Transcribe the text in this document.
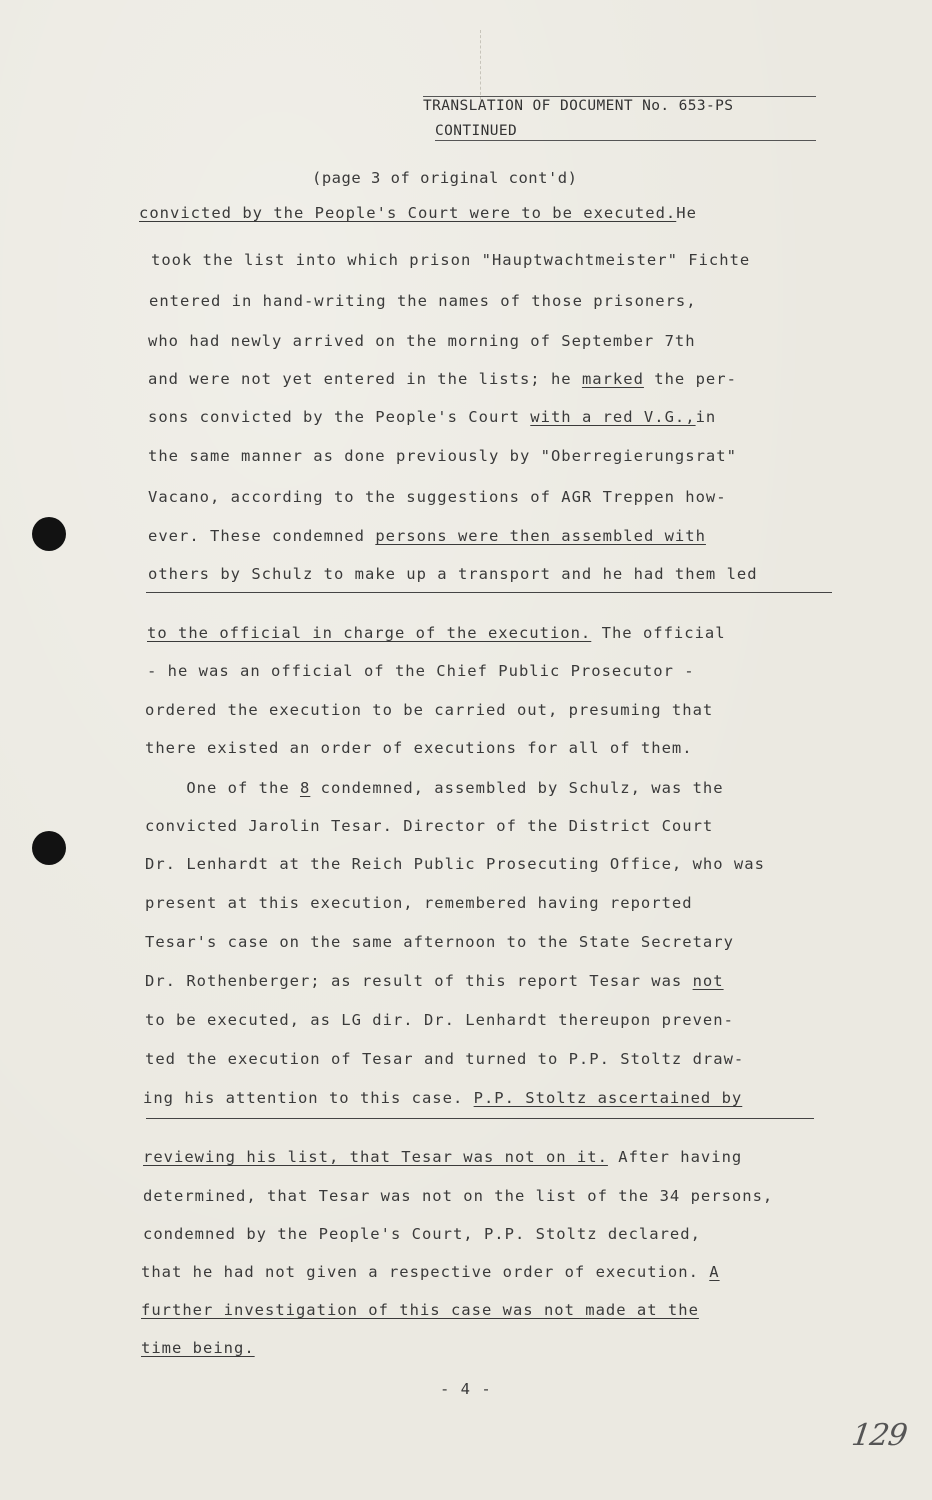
TRANSLATION OF DOCUMENT No. 653-PS
CONTINUED
(page 3 of original cont'd)
convicted by the People's Court were to be executed.He
took the list into which prison "Hauptwachtmeister" Fichte
entered in hand-writing the names of those prisoners,
who had newly arrived on the morning of September 7th
and were not yet entered in the lists; he marked the per-
sons convicted by the People's Court with a red V.G.,in
the same manner as done previously by "Oberregierungsrat"
Vacano, according to the suggestions of AGR Treppen how-
ever. These condemned persons were then assembled with
others by Schulz to make up a transport and he had them led
to the official in charge of the execution. The official
- he was an official of the Chief Public Prosecutor -
ordered the execution to be carried out, presuming that
there existed an order of executions for all of them.
One of the 8 condemned, assembled by Schulz, was the
convicted Jarolin Tesar. Director of the District Court
Dr. Lenhardt at the Reich Public Prosecuting Office, who was
present at this execution, remembered having reported
Tesar's case on the same afternoon to the State Secretary
Dr. Rothenberger; as result of this report Tesar was not
to be executed, as LG dir. Dr. Lenhardt thereupon preven-
ted the execution of Tesar and turned to P.P. Stoltz draw-
ing his attention to this case. P.P. Stoltz ascertained by
reviewing his list, that Tesar was not on it. After having
determined, that Tesar was not on the list of the 34 persons,
condemned by the People's Court, P.P. Stoltz declared,
that he had not given a respective order of execution. A
further investigation of this case was not made at the
time being.
- 4 -
129
